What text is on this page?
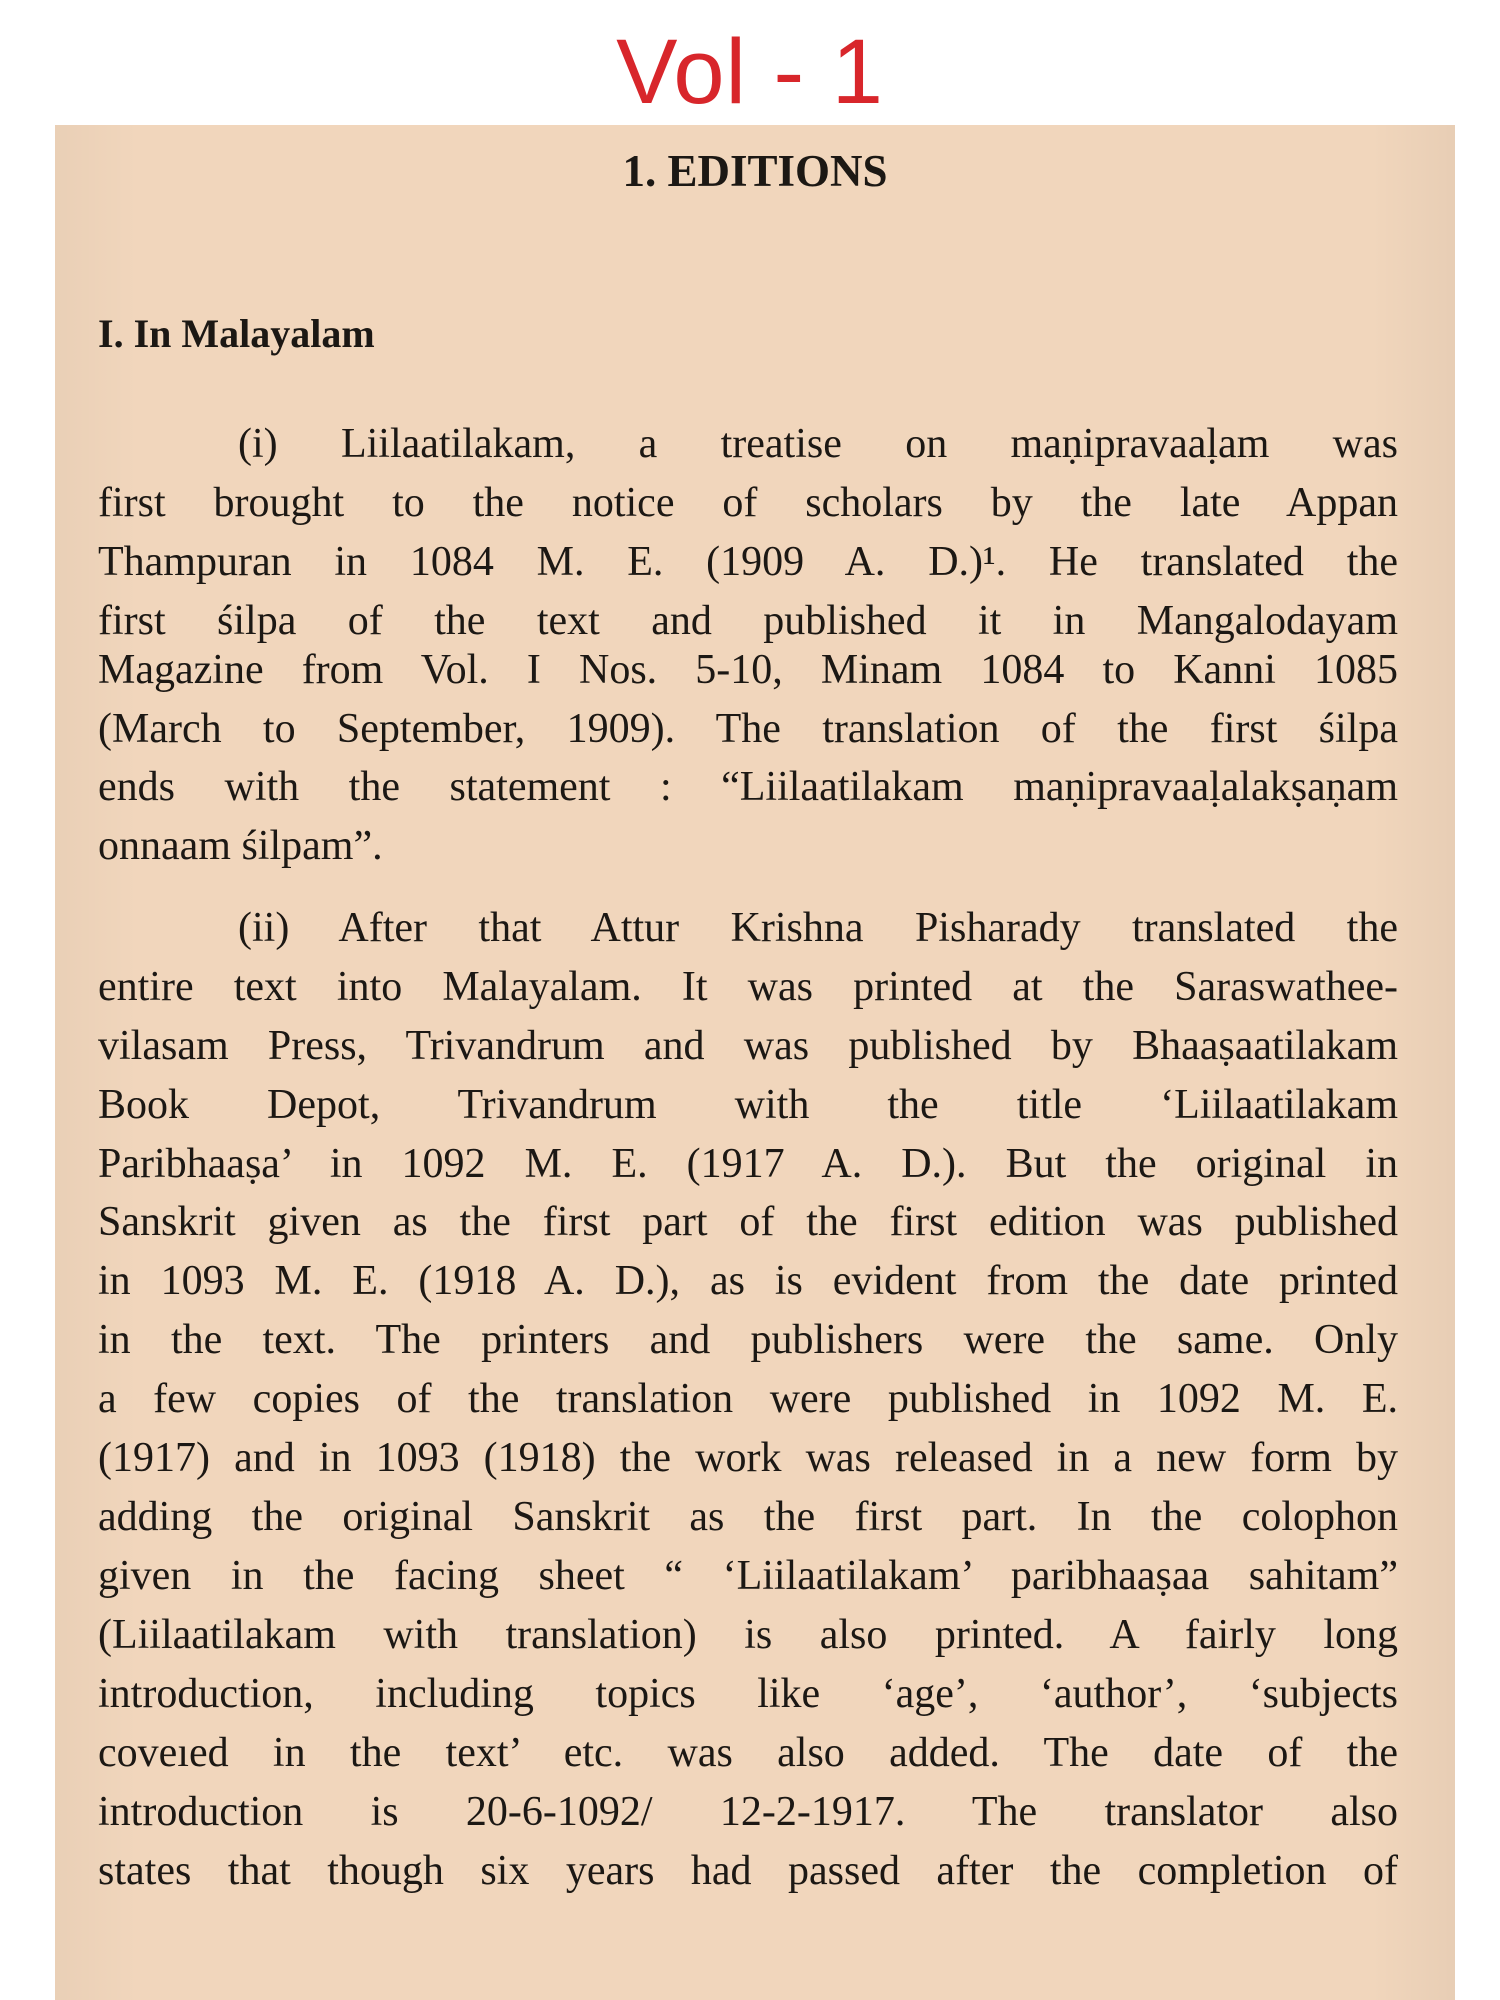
Vol - 1
1. EDITIONS
I. In Malayalam
(i) Liilaatilakam, a treatise on maṇipravaaḷam was
first brought to the notice of scholars by the late Appan
Thampuran in 1084 M. E. (1909 A. D.)¹. He translated the
first śilpa of the text and published it in Mangalodayam
Magazine from Vol. I Nos. 5-10, Minam 1084 to Kanni 1085
(March to September, 1909). The translation of the first śilpa
ends with the statement : “Liilaatilakam maṇipravaaḷalakṣaṇam
onnaam śilpam”.
(ii) After that Attur Krishna Pisharady translated the
entire text into Malayalam. It was printed at the Saraswathee-
vilasam Press, Trivandrum and was published by Bhaaṣaatilakam
Book Depot, Trivandrum with the title ‘Liilaatilakam
Paribhaaṣa’ in 1092 M. E. (1917 A. D.). But the original in
Sanskrit given as the first part of the first edition was published
in 1093 M. E. (1918 A. D.), as is evident from the date printed
in the text. The printers and publishers were the same. Only
a few copies of the translation were published in 1092 M. E.
(1917) and in 1093 (1918) the work was released in a new form by
adding the original Sanskrit as the first part. In the colophon
given in the facing sheet “ ‘Liilaatilakam’ paribhaaṣaa sahitam”
(Liilaatilakam with translation) is also printed. A fairly long
introduction, including topics like ‘age’, ‘author’, ‘subjects
coveıed in the text’ etc. was also added. The date of the
introduction is 20-6-1092/ 12-2-1917. The translator also
states that though six years had passed after the completion of
